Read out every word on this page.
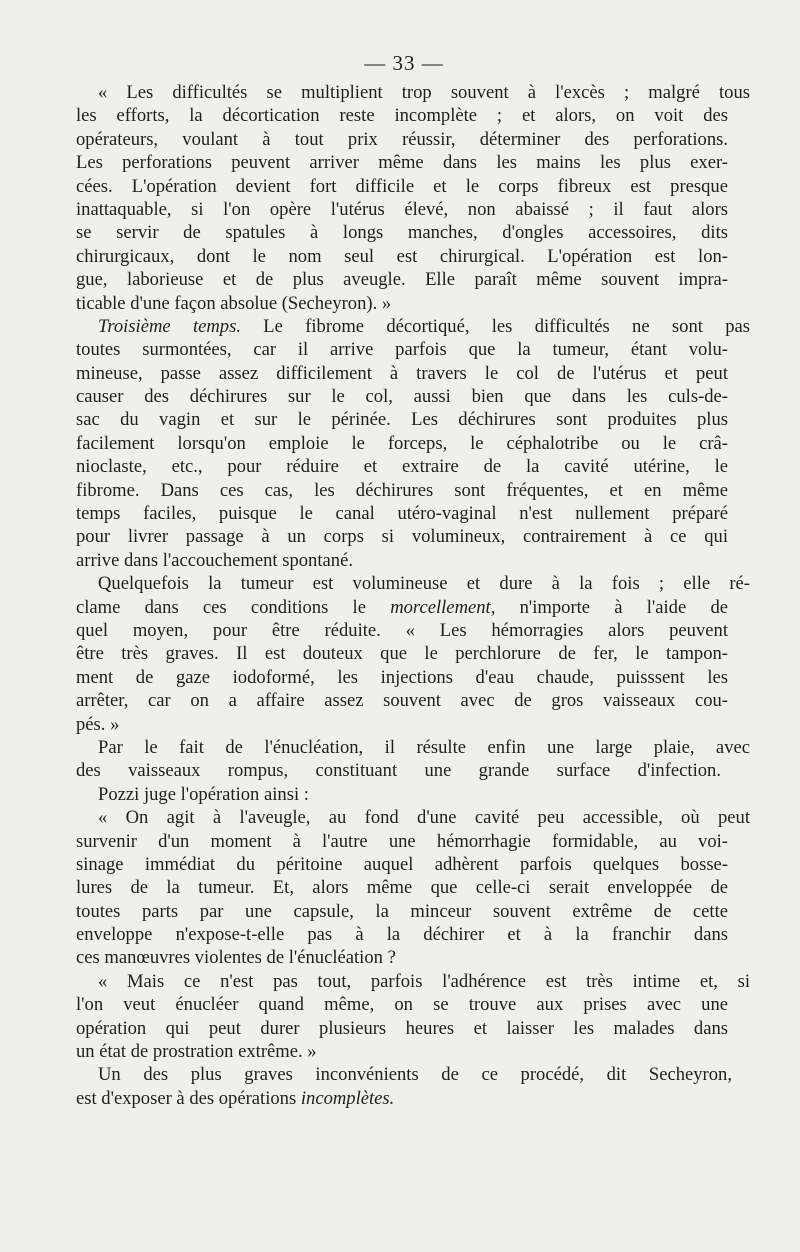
— 33 —
« Les difficultés se multiplient trop souvent à l'excès ; malgré tous
les efforts, la décortication reste incomplète ; et alors, on voit des
opérateurs, voulant à tout prix réussir, déterminer des perforations.
Les perforations peuvent arriver même dans les mains les plus exer-
cées. L'opération devient fort difficile et le corps fibreux est presque
inattaquable, si l'on opère l'utérus élevé, non abaissé ; il faut alors
se servir de spatules à longs manches, d'ongles accessoires, dits
chirurgicaux, dont le nom seul est chirurgical. L'opération est lon-
gue, laborieuse et de plus aveugle. Elle paraît même souvent impra-
ticable d'une façon absolue (Secheyron). »
Troisième temps. Le fibrome décortiqué, les difficultés ne sont pas
toutes surmontées, car il arrive parfois que la tumeur, étant volu-
mineuse, passe assez difficilement à travers le col de l'utérus et peut
causer des déchirures sur le col, aussi bien que dans les culs-de-
sac du vagin et sur le périnée. Les déchirures sont produites plus
facilement lorsqu'on emploie le forceps, le céphalotribe ou le crâ-
nioclaste, etc., pour réduire et extraire de la cavité utérine, le
fibrome. Dans ces cas, les déchirures sont fréquentes, et en même
temps faciles, puisque le canal utéro-vaginal n'est nullement préparé
pour livrer passage à un corps si volumineux, contrairement à ce qui
arrive dans l'accouchement spontané.
Quelquefois la tumeur est volumineuse et dure à la fois ; elle ré-
clame dans ces conditions le morcellement, n'importe à l'aide de
quel moyen, pour être réduite. « Les hémorragies alors peuvent
être très graves. Il est douteux que le perchlorure de fer, le tampon-
ment de gaze iodoformé, les injections d'eau chaude, puisssent les
arrêter, car on a affaire assez souvent avec de gros vaisseaux cou-
pés. »
Par le fait de l'énucléation, il résulte enfin une large plaie, avec
des vaisseaux rompus, constituant une grande surface d'infection.
Pozzi juge l'opération ainsi :
« On agit à l'aveugle, au fond d'une cavité peu accessible, où peut
survenir d'un moment à l'autre une hémorrhagie formidable, au voi-
sinage immédiat du péritoine auquel adhèrent parfois quelques bosse-
lures de la tumeur. Et, alors même que celle-ci serait enveloppée de
toutes parts par une capsule, la minceur souvent extrême de cette
enveloppe n'expose-t-elle pas à la déchirer et à la franchir dans
ces manœuvres violentes de l'énucléation ?
« Mais ce n'est pas tout, parfois l'adhérence est très intime et, si
l'on veut énucléer quand même, on se trouve aux prises avec une
opération qui peut durer plusieurs heures et laisser les malades dans
un état de prostration extrême. »
Un des plus graves inconvénients de ce procédé, dit Secheyron,
est d'exposer à des opérations incomplètes.
